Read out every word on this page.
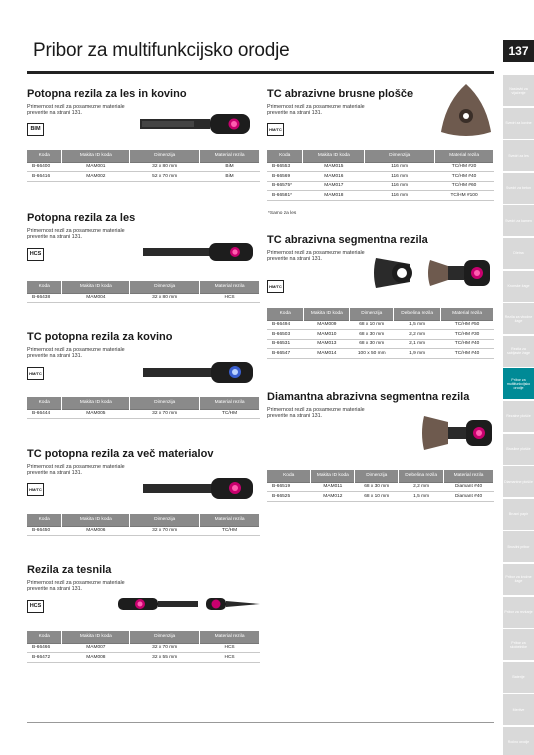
Pribor za multifunkcijsko orodje	137
Nastavki za vijačenje
Svedri za kovine
Svedri za les
Svedri za beton
Svedri za kamen
Dletna
Kronske žage
Rezila za vbodne žage
Rezila za sabljaste žage
Pribor za multifunkcijsko orodje
Rezalne plošče
Brusilne plošče
Diamantne plošče
Brusni papir
Brusilni pribor
Pribor za krožne žage
Pribor za rezkarje
Pribor za skobelnike
Baterije
Meritve
Ročno orodje
Potopna rezila za les in kovino
Primernost rezil za posamezne materiale preverite na strani 131.
BIM
Koda	Makita ID koda	Dimenzija	Material rezila
B-66400	MAM001	32 x 80 mm	BiM
B-66416	MAM002	52 x 70 mm	BiM
Potopna rezila za les
Primernost rezil za posamezne materiale preverite na strani 131.
HCS
Koda	Makita ID koda	Dimenzija	Material rezila
B-66438	MAM004	32 x 80 mm	HCS
TC potopna rezila za kovino
Primernost rezil za posamezne materiale preverite na strani 131.
HM/TC
Koda	Makita ID koda	Dimenzija	Material rezila
B-66444	MAM005	32 x 70 mm	TC/HM
TC potopna rezila za več materialov
Primernost rezil za posamezne materiale preverite na strani 131.
HM/TC
Koda	Makita ID koda	Dimenzija	Material rezila
B-66450	MAM006	32 x 70 mm	TC/HM
Rezila za tesnila
Primernost rezil za posamezne materiale preverite na strani 131.
HCS
Koda	Makita ID koda	Dimenzija	Material rezila
B-66466	MAM007	32 x 70 mm	HCS
B-66472	MAM008	32 x 55 mm	HCS
TC abrazivne brusne ploščе
Primernost rezil za posamezne materiale preverite na strani 131.
HM/TC
Koda	Makita ID koda	Dimenzija	Material rezila
B-66553	MAM015	116 mm	TC/HM #20
B-66569	MAM016	116 mm	TC/HM #40
B-66575*	MAM017	116 mm	TC/HM #60
B-66581*	MAM018	116 mm	TC/HM #100
*Samo za les
TC abrazivna segmentna rezila
Primernost rezil za posamezne materiale preverite na strani 131.
HM/TC
Koda	Makita ID koda	Dimenzija	Debelina rezila	Material rezila
B-66494	MAM009	68 x 10 mm	1,5 mm	TC/HM #50
B-66503	MAM010	68 x 30 mm	2,2 mm	TC/HM #30
B-66531	MAM013	68 x 30 mm	2,1 mm	TC/HM #40
B-66547	MAM014	100 x 50 mm	1,9 mm	TC/HM #40
Diamantna abrazivna segmentna rezila
Primernost rezil za posamezne materiale preverite na strani 131.
Koda	Makita ID koda	Dimenzija	Debelina rezila	Material rezila
B-66519	MAM011	68 x 30 mm	2,2 mm	Diamant #40
B-66525	MAM012	68 x 10 mm	1,5 mm	Diamant #40
